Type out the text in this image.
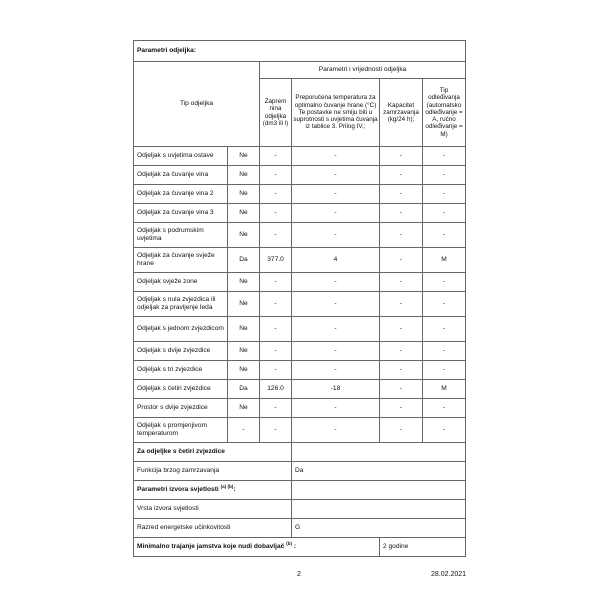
Parametri odjeljka:					
Tip odjeljka		Parametri i vrijednosti odjeljka			
		Zaprem nina odjeljka (dm3 ili l)	Preporučena temperatura za optimalno čuvanje hrane (°C) Te postavke ne smiju biti u suprotnosti s uvjetima čuvanja iz tablice 3. Prilog IV.;	Kapacitet zamrzavanja (kg/24 h);	Tip odleđivanja (automatsko odleđivanje = A, ručno odleđivanje = M)
Odjeljak s uvjetima ostave	Ne	-	-	-	-
Odjeljak za čuvanje vina	Ne	-	-	-	-
Odjeljak za čuvanje vina 2	Ne	-	-	-	-
Odjeljak za čuvanje vina 3	Ne	-	-	-	-
Odjeljak s podrumskim uvjetima	Ne	-	-	-	-
Odjeljak za čuvanje svježe hrane	Da	377.0	4	-	M
Odjeljak svježe zone	Ne	-	-	-	-
Odjeljak s nula zvjezdica ili odjeljak za pravljenje leda	Ne	-	-	-	-
Odjeljak s jednom zvjezdicom	Ne	-	-	-	-
Odjeljak s dvije zvjezdice	Ne	-	-	-	-
Odjeljak s tri zvjezdice	Ne	-	-	-	-
Odjeljak s četiri zvjezdice	Da	126.0	-18	-	M
Prostor s dvije zvjezdice	Ne	-	-	-	-
Odjeljak s promjenjivom temperaturom	-	-	-	-	-
Za odjeljke s četiri zvjezdice					
Funkcija brzog zamrzavanja			Da		
Parametri izvora svjetlosti $^{(a) (b)}$:					
Vrsta izvora svjetlosti					
Razred energetske učinkovitosti			G		
Minimalno trajanje jamstva koje nudi dobavljač $^{(b)}$ :				2 godine	
2	28.02.2021
